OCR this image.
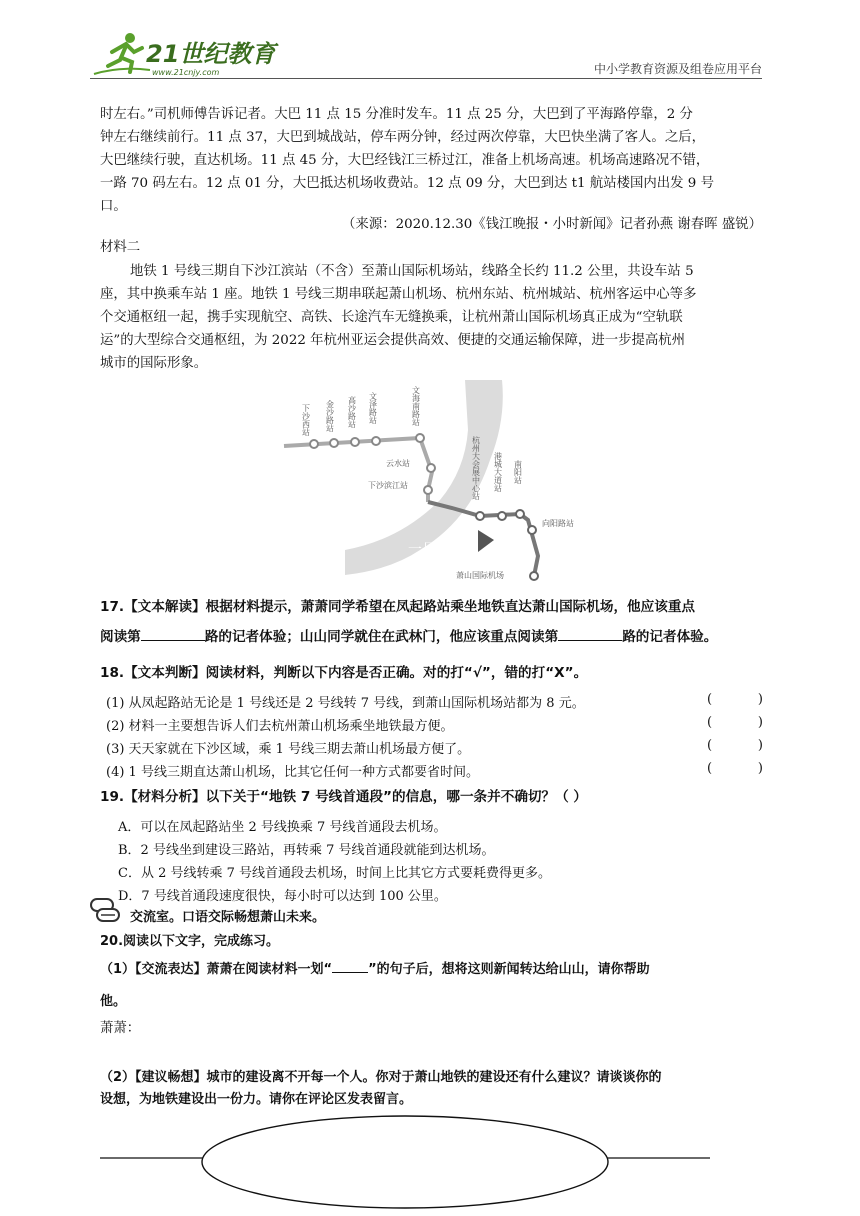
21世纪教育
www.21cnjy.com	中小学教育资源及组卷应用平台
时左右。”司机师傅告诉记者。大巴 11 点 15 分准时发车。11 点 25 分，大巴到了平海路停靠，2 分
钟左右继续前行。11 点 37，大巴到城战站，停车两分钟，经过两次停靠，大巴快坐满了客人。之后，
大巴继续行驶，直达机场。11 点 45 分，大巴经钱江三桥过江，准备上机场高速。机场高速路况不错，
一路 70 码左右。12 点 01 分，大巴抵达机场收费站。12 点 09 分，大巴到达 t1 航站楼国内出发 9 号
口。
（来源：2020.12.30《钱江晚报・小时新闻》记者孙燕 谢春晖 盛锐）
材料二
地铁 1 号线三期自下沙江滨站（不含）至萧山国际机场站，线路全长约 11.2 公里，共设车站 5
座，其中换乘车站 1 座。地铁 1 号线三期串联起萧山机场、杭州东站、杭州城站、杭州客运中心等多
个交通枢纽一起，携手实现航空、高铁、长途汽车无缝换乘，让杭州萧山国际机场真正成为“空轨联
运”的大型综合交通枢纽，为 2022 年杭州亚运会提供高效、便捷的交通运输保障，进一步提高杭州
城市的国际形象。
下沙西站 金沙路站 高沙路站 文泽路站	文海南路站
云水站
下沙滨江站	杭州大会展中心站 港城大道站 南阳站
向阳路站
萧山国际机场
一号线三期
17.【文本解读】根据材料提示，萧萧同学希望在凤起路站乘坐地铁直达萧山国际机场，他应该重点
阅读第	路的记者体验；山山同学就住在武林门，他应该重点阅读第	路的记者体验。
18.【文本判断】阅读材料，判断以下内容是否正确。对的打“√”，错的打“X”。
(1) 从凤起路站无论是 1 号线还是 2 号线转 7 号线，到萧山国际机场站都为 8 元。	(	)
(2) 材料一主要想告诉人们去杭州萧山机场乘坐地铁最方便。	(	)
(3) 天天家就在下沙区域，乘 1 号线三期去萧山机场最方便了。	(	)
(4) 1 号线三期直达萧山机场，比其它任何一种方式都要省时间。	(	)
19.【材料分析】以下关于“地铁 7 号线首通段”的信息，哪一条并不确切？（ ）
A．可以在凤起路站坐 2 号线换乘 7 号线首通段去机场。
B．2 号线坐到建设三路站，再转乘 7 号线首通段就能到达机场。
C．从 2 号线转乘 7 号线首通段去机场，时间上比其它方式要耗费得更多。
D．7 号线首通段速度很快，每小时可以达到 100 公里。
交流室。口语交际畅想萧山未来。
20.阅读以下文字，完成练习。
（1）【交流表达】萧萧在阅读材料一划“	”的句子后，想将这则新闻转达给山山，请你帮助
他。
萧萧：
（2）【建议畅想】城市的建设离不开每一个人。你对于萧山地铁的建设还有什么建议？请谈谈你的
设想，为地铁建设出一份力。请你在评论区发表留言。
